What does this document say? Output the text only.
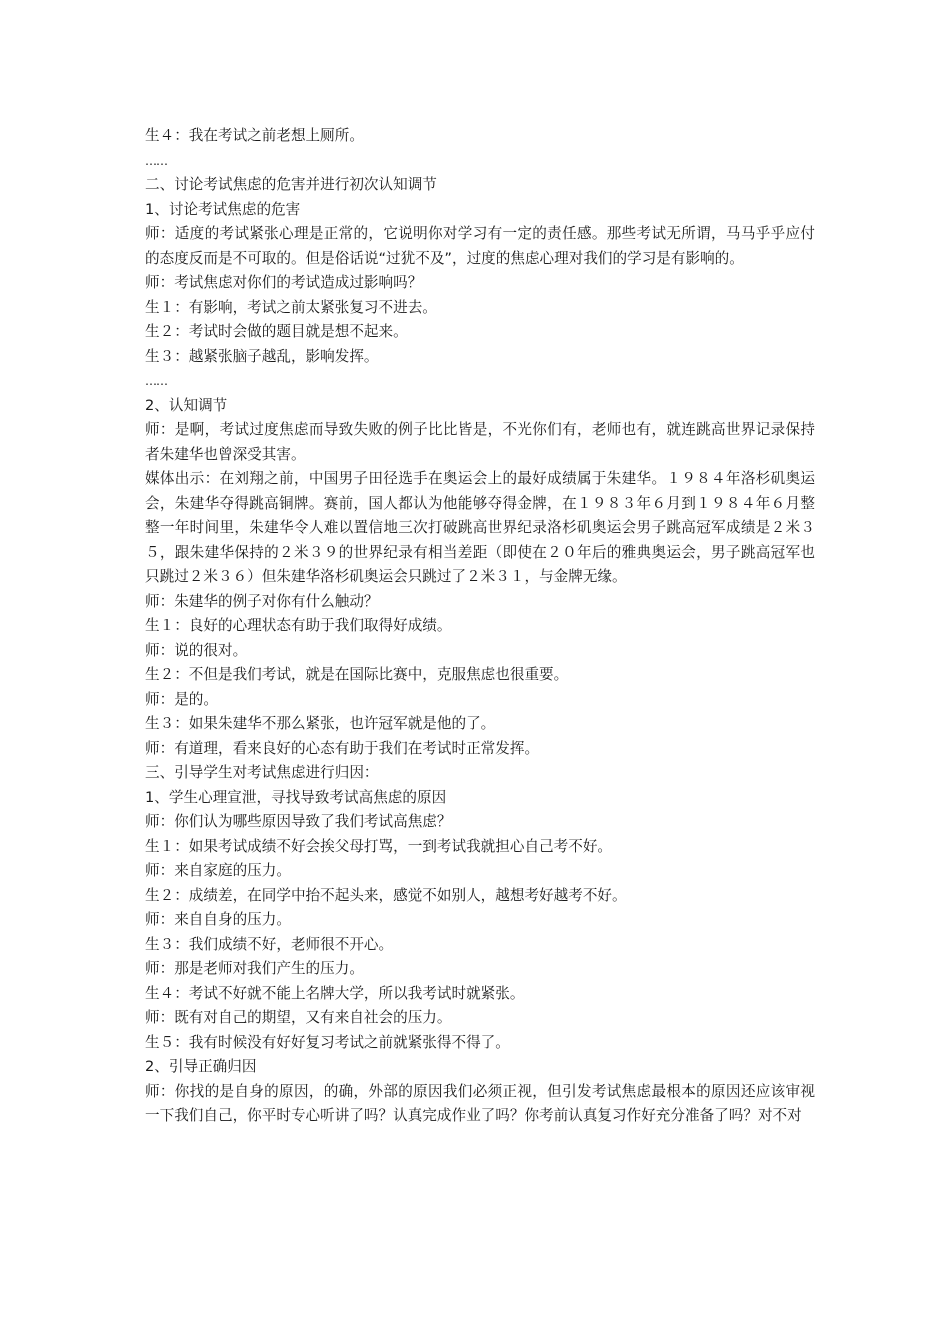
生４：我在考试之前老想上厕所。

……

二、讨论考试焦虑的危害并进行初次认知调节

1、讨论考试焦虑的危害

师：适度的考试紧张心理是正常的，它说明你对学习有一定的责任感。那些考试无所谓，马马乎乎应付的态度反而是不可取的。但是俗话说“过犹不及”，过度的焦虑心理对我们的学习是有影响的。

师：考试焦虑对你们的考试造成过影响吗？

生１：有影响，考试之前太紧张复习不进去。

生２：考试时会做的题目就是想不起来。

生３：越紧张脑子越乱，影响发挥。

……

2、认知调节

师：是啊，考试过度焦虑而导致失败的例子比比皆是，不光你们有，老师也有，就连跳高世界记录保持者朱建华也曾深受其害。

媒体出示：在刘翔之前，中国男子田径选手在奥运会上的最好成绩属于朱建华。１９８４年洛杉矶奥运会，朱建华夺得跳高铜牌。赛前，国人都认为他能够夺得金牌，在１９８３年６月到１９８４年６月整整一年时间里，朱建华令人难以置信地三次打破跳高世界纪录洛杉矶奥运会男子跳高冠军成绩是２米３５，跟朱建华保持的２米３９的世界纪录有相当差距（即使在２０年后的雅典奥运会，男子跳高冠军也只跳过２米３６）但朱建华洛杉矶奥运会只跳过了２米３１，与金牌无缘。

师：朱建华的例子对你有什么触动？

生１：良好的心理状态有助于我们取得好成绩。

师：说的很对。

生２：不但是我们考试，就是在国际比赛中，克服焦虑也很重要。

师：是的。

生３：如果朱建华不那么紧张，也许冠军就是他的了。

师：有道理，看来良好的心态有助于我们在考试时正常发挥。

三、引导学生对考试焦虑进行归因：

1、学生心理宣泄，寻找导致考试高焦虑的原因

师：你们认为哪些原因导致了我们考试高焦虑？

生１：如果考试成绩不好会挨父母打骂，一到考试我就担心自己考不好。

师：来自家庭的压力。

生２：成绩差，在同学中抬不起头来，感觉不如别人，越想考好越考不好。

师：来自自身的压力。

生３：我们成绩不好，老师很不开心。

师：那是老师对我们产生的压力。

生４：考试不好就不能上名牌大学，所以我考试时就紧张。

师：既有对自己的期望，又有来自社会的压力。

生５：我有时候没有好好复习考试之前就紧张得不得了。

2、引导正确归因

师：你找的是自身的原因，的确，外部的原因我们必须正视，但引发考试焦虑最根本的原因还应该审视一下我们自己，你平时专心听讲了吗？认真完成作业了吗？你考前认真复习作好充分准备了吗？对不对
